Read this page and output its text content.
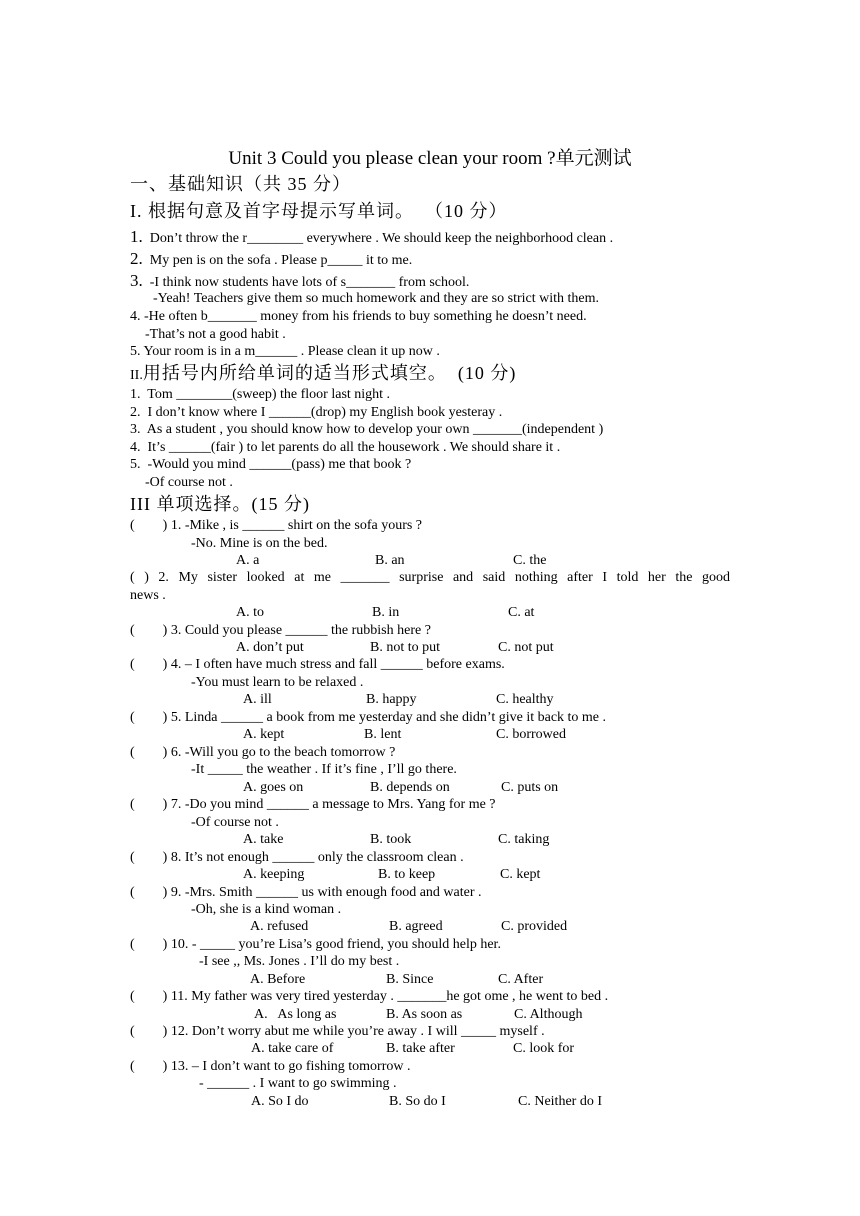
Unit 3 Could you please clean your room ?单元测试
一、基础知识（共 35 分）
I. 根据句意及首字母提示写单词。  （10 分）
1. Don’t throw the r________ everywhere . We should keep the neighborhood clean .
2. My pen is on the sofa . Please p_____ it to me.
3. -I think now students have lots of s_______ from school.
-Yeah! Teachers give them so much homework and they are so strict with them.
4. -He often b_______ money from his friends to buy something he doesn’t need.
-That’s not a good habit .
5. Your room is in a m______ . Please clean it up now .
II.用括号内所给单词的适当形式填空。  (10 分)
1.  Tom ________(sweep) the floor last night .
2.  I don’t know where I ______(drop) my English book yesteray .
3.  As a student , you should know how to develop your own _______(independent )
4.  It’s ______(fair ) to let parents do all the housework . We should share it .
5.  -Would you mind ______(pass) me that book ?
-Of course not .
III 单项选择。(15 分)
(        ) 1. -Mike , is ______ shirt on the sofa yours ?
-No. Mine is on the bed.
A. a	B. an	C. the
( ) 2. My sister looked at me _______ surprise and said nothing after I told her the good
news .
A. to	B. in	C. at
(        ) 3. Could you please ______ the rubbish here ?
A. don’t put	B. not to put	C. not put
(        ) 4. – I often have much stress and fall ______ before exams.
-You must learn to be relaxed .
A. ill	B. happy	C. healthy
(        ) 5. Linda ______ a book from me yesterday and she didn’t give it back to me .
A. kept	B. lent	C. borrowed
(        ) 6. -Will you go to the beach tomorrow ?
-It _____ the weather . If it’s fine , I’ll go there.
A. goes on	B. depends on	C. puts on
(        ) 7. -Do you mind ______ a message to Mrs. Yang for me ?
-Of course not .
A. take	B. took	C. taking
(        ) 8. It’s not enough ______ only the classroom clean .
A. keeping	B. to keep	C. kept
(        ) 9. -Mrs. Smith ______ us with enough food and water .
-Oh, she is a kind woman .
A. refused	B. agreed	C. provided
(        ) 10. - _____ you’re Lisa’s good friend, you should help her.
-I see ,, Ms. Jones . I’ll do my best .
A. Before	B. Since	C. After
(        ) 11. My father was very tired yesterday . _______he got ome , he went to bed .
A.   As long as	B. As soon as	C. Although
(        ) 12. Don’t worry abut me while you’re away . I will _____ myself .
A. take care of	B. take after	C. look for
(        ) 13. – I don’t want to go fishing tomorrow .
- ______ . I want to go swimming .
A. So I do	B. So do I	C. Neither do I
